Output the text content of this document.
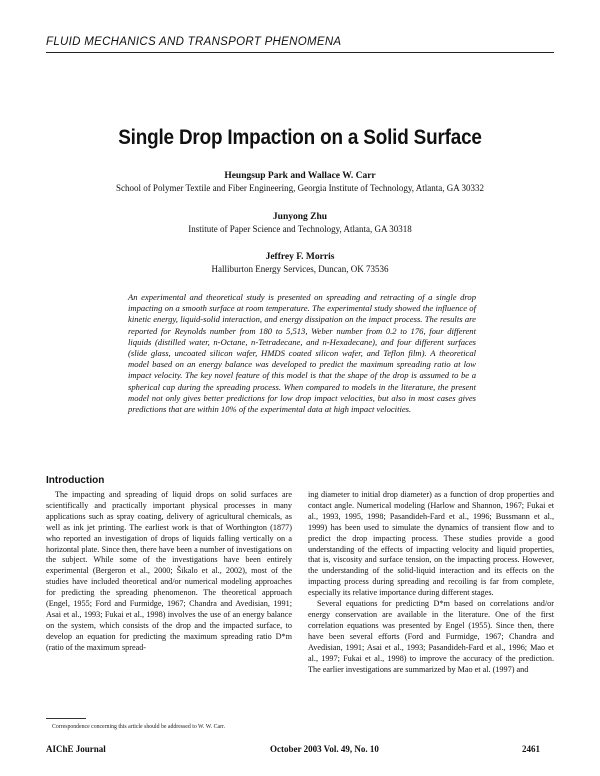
FLUID MECHANICS AND TRANSPORT PHENOMENA
Single Drop Impaction on a Solid Surface
Heungsup Park and Wallace W. Carr
School of Polymer Textile and Fiber Engineering, Georgia Institute of Technology, Atlanta, GA 30332
Junyong Zhu
Institute of Paper Science and Technology, Atlanta, GA 30318
Jeffrey F. Morris
Halliburton Energy Services, Duncan, OK 73536
An experimental and theoretical study is presented on spreading and retracting of a single drop impacting on a smooth surface at room temperature. The experimental study showed the influence of kinetic energy, liquid-solid interaction, and energy dissipation on the impact process. The results are reported for Reynolds number from 180 to 5,513, Weber number from 0.2 to 176, four different liquids (distilled water, n-Octane, n-Tetradecane, and n-Hexadecane), and four different surfaces (slide glass, uncoated silicon wafer, HMDS coated silicon wafer, and Teflon film). A theoretical model based on an energy balance was developed to predict the maximum spreading ratio at low impact velocity. The key novel feature of this model is that the shape of the drop is assumed to be a spherical cap during the spreading process. When compared to models in the literature, the present model not only gives better predictions for low drop impact velocities, but also in most cases gives predictions that are within 10% of the experimental data at high impact velocities.
Introduction

The impacting and spreading of liquid drops on solid surfaces are scientifically and practically important physical processes in many applications such as spray coating, delivery of agricultural chemicals, as well as ink jet printing. The earliest work is that of Worthington (1877) who reported an investigation of drops of liquids falling vertically on a horizontal plate. Since then, there have been a number of investigations on the subject. While some of the investigations have been entirely experimental (Bergeron et al., 2000; Šikalo et al., 2002), most of the studies have included theoretical and/or numerical modeling approaches for predicting the spreading phenomenon. The theoretical approach (Engel, 1955; Ford and Furmidge, 1967; Chandra and Avedisian, 1991; Asai et al., 1993; Fukai et al., 1998) involves the use of an energy balance on the system, which consists of the drop and the impacted surface, to develop an equation for predicting the maximum spreading ratio D*m (ratio of the maximum spread-

ing diameter to initial drop diameter) as a function of drop properties and contact angle. Numerical modeling (Harlow and Shannon, 1967; Fukai et al., 1993, 1995, 1998; Pasandideh-Fard et al., 1996; Bussmann et al., 1999) has been used to simulate the dynamics of transient flow and to predict the drop impacting process. These studies provide a good understanding of the effects of impacting velocity and liquid properties, that is, viscosity and surface tension, on the impacting process. However, the understanding of the solid-liquid interaction and its effects on the impacting process during spreading and recoiling is far from complete, especially its relative importance during different stages.

Several equations for predicting D*m based on correlations and/or energy conservation are available in the literature. One of the first correlation equations was presented by Engel (1955). Since then, there have been several efforts (Ford and Furmidge, 1967; Chandra and Avedisian, 1991; Asai et al., 1993; Pasandideh-Fard et al., 1996; Mao et al., 1997; Fukai et al., 1998) to improve the accuracy of the prediction. The earlier investigations are summarized by Mao et al. (1997) and

Correspondence concerning this article should be addressed to W. W. Carr.
AIChE Journal	October 2003 Vol. 49, No. 10	2461
